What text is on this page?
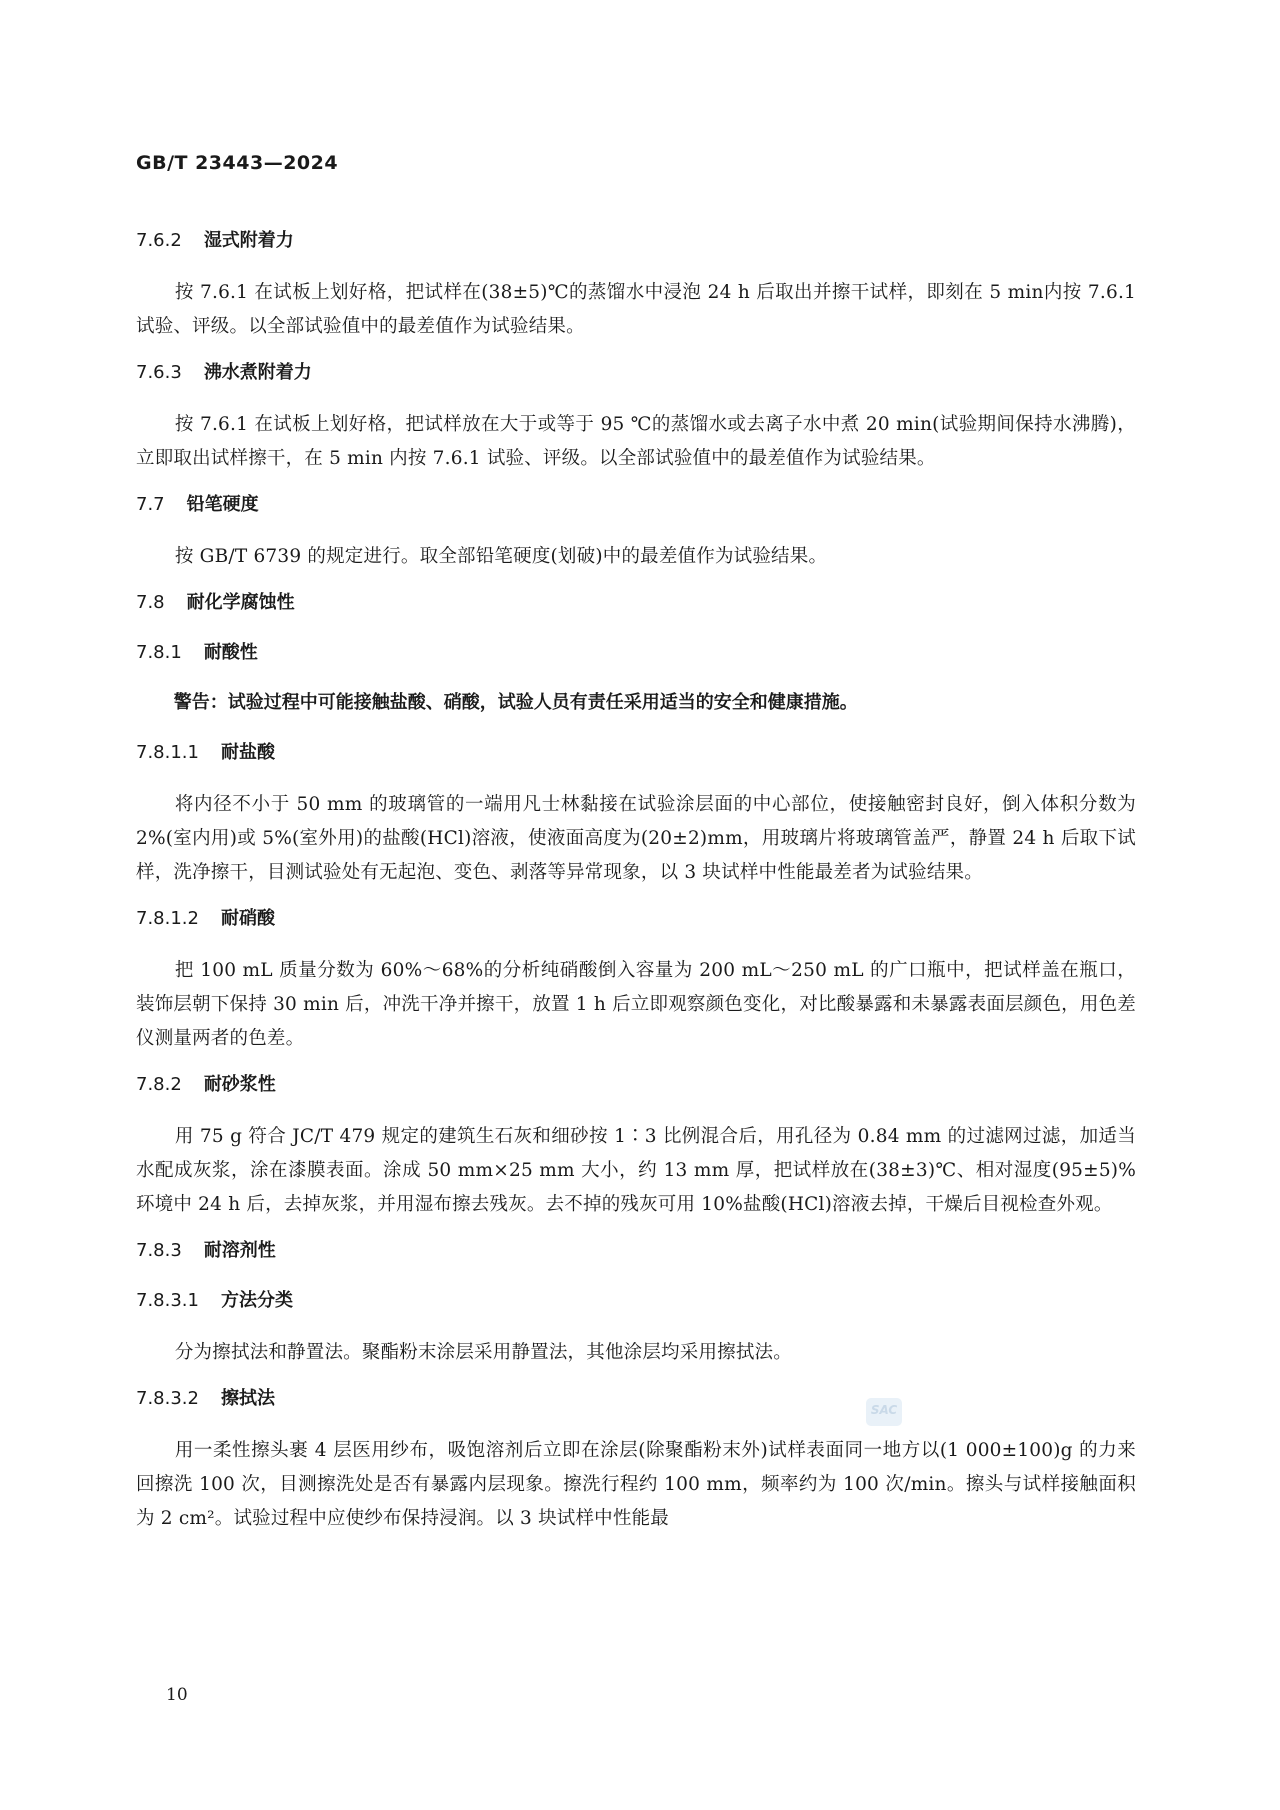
GB/T 23443—2024
7.6.2 湿式附着力

按 7.6.1 在试板上划好格，把试样在(38±5)℃的蒸馏水中浸泡 24 h 后取出并擦干试样，即刻在 5 min内按 7.6.1 试验、评级。以全部试验值中的最差值作为试验结果。

7.6.3 沸水煮附着力

按 7.6.1 在试板上划好格，把试样放在大于或等于 95 ℃的蒸馏水或去离子水中煮 20 min(试验期间保持水沸腾)，立即取出试样擦干，在 5 min 内按 7.6.1 试验、评级。以全部试验值中的最差值作为试验结果。

7.7 铅笔硬度

按 GB/T 6739 的规定进行。取全部铅笔硬度(划破)中的最差值作为试验结果。

7.8 耐化学腐蚀性
7.8.1 耐酸性
警告：试验过程中可能接触盐酸、硝酸，试验人员有责任采用适当的安全和健康措施。
7.8.1.1 耐盐酸

将内径不小于 50 mm 的玻璃管的一端用凡士林黏接在试验涂层面的中心部位，使接触密封良好，倒入体积分数为 2%(室内用)或 5%(室外用)的盐酸(HCl)溶液，使液面高度为(20±2)mm，用玻璃片将玻璃管盖严，静置 24 h 后取下试样，洗净擦干，目测试验处有无起泡、变色、剥落等异常现象，以 3 块试样中性能最差者为试验结果。

7.8.1.2 耐硝酸

把 100 mL 质量分数为 60%～68%的分析纯硝酸倒入容量为 200 mL～250 mL 的广口瓶中，把试样盖在瓶口，装饰层朝下保持 30 min 后，冲洗干净并擦干，放置 1 h 后立即观察颜色变化，对比酸暴露和未暴露表面层颜色，用色差仪测量两者的色差。

7.8.2 耐砂浆性

用 75 g 符合 JC/T 479 规定的建筑生石灰和细砂按 1∶3 比例混合后，用孔径为 0.84 mm 的过滤网过滤，加适当水配成灰浆，涂在漆膜表面。涂成 50 mm×25 mm 大小，约 13 mm 厚，把试样放在(38±3)℃、相对湿度(95±5)%环境中 24 h 后，去掉灰浆，并用湿布擦去残灰。去不掉的残灰可用 10%盐酸(HCl)溶液去掉，干燥后目视检查外观。

7.8.3 耐溶剂性
7.8.3.1 方法分类

分为擦拭法和静置法。聚酯粉末涂层采用静置法，其他涂层均采用擦拭法。

7.8.3.2 擦拭法

用一柔性擦头裹 4 层医用纱布，吸饱溶剂后立即在涂层(除聚酯粉末外)试样表面同一地方以(1 000±100)g 的力来回擦洗 100 次，目测擦洗处是否有暴露内层现象。擦洗行程约 100 mm，频率约为 100 次/min。擦头与试样接触面积为 2 cm²。试验过程中应使纱布保持浸润。以 3 块试样中性能最

SAC
10
